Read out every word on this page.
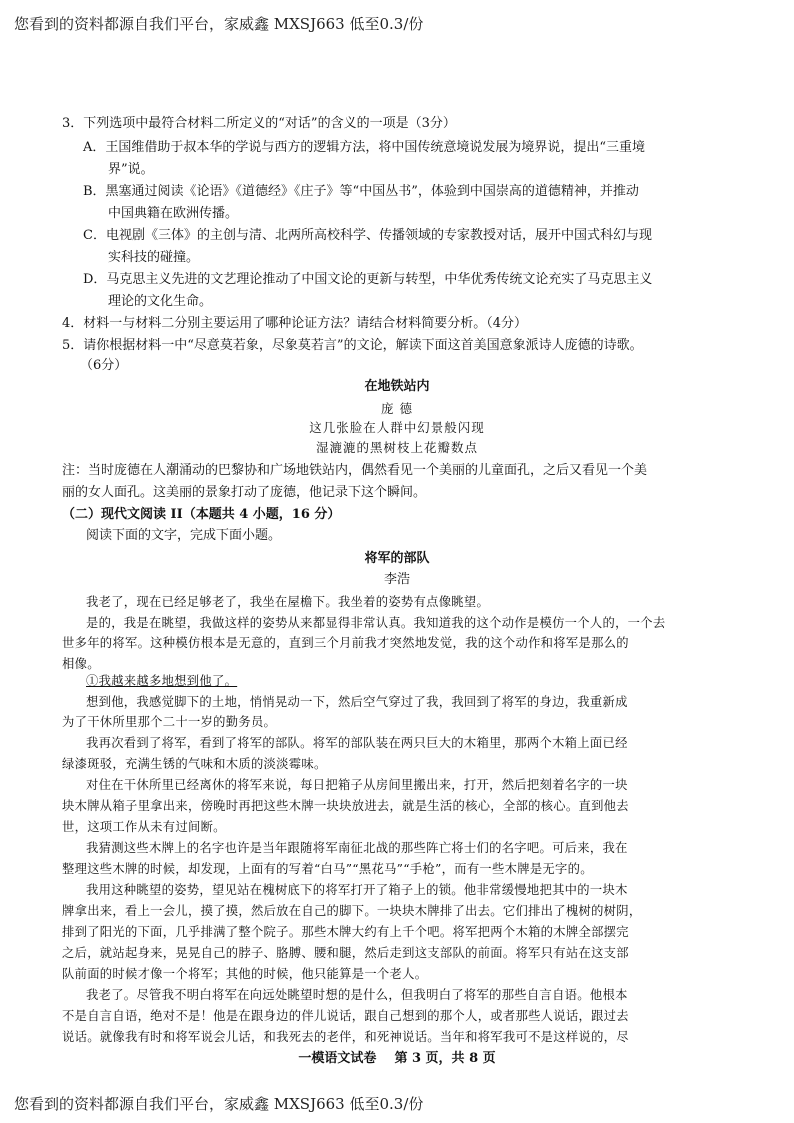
您看到的资料都源自我们平台，家威鑫 MXSJ663 低至0.3/份
3．下列选项中最符合材料二所定义的“对话”的含义的一项是（3分）
A．王国维借助于叔本华的学说与西方的逻辑方法，将中国传统意境说发展为境界说，提出“三重境
界”说。
B．黑塞通过阅读《论语》《道德经》《庄子》等“中国丛书”，体验到中国崇高的道德精神，并推动
中国典籍在欧洲传播。
C．电视剧《三体》的主创与清、北两所高校科学、传播领域的专家教授对话，展开中国式科幻与现
实科技的碰撞。
D．马克思主义先进的文艺理论推动了中国文论的更新与转型，中华优秀传统文论充实了马克思主义
理论的文化生命。
4．材料一与材料二分别主要运用了哪种论证方法？请结合材料简要分析。（4分）
5．请你根据材料一中“尽意莫若象，尽象莫若言”的文论，解读下面这首美国意象派诗人庞德的诗歌。
（6分）
在地铁站内
庞 德
这几张脸在人群中幻景般闪现
湿漉漉的黑树枝上花瓣数点
注：当时庞德在人潮涌动的巴黎协和广场地铁站内，偶然看见一个美丽的儿童面孔，之后又看见一个美
丽的女人面孔。这美丽的景象打动了庞德，他记录下这个瞬间。
（二）现代文阅读 II（本题共 4 小题，16 分）
阅读下面的文字，完成下面小题。
将军的部队
李浩
我老了，现在已经足够老了，我坐在屋檐下。我坐着的姿势有点像眺望。
是的，我是在眺望，我做这样的姿势从来都显得非常认真。我知道我的这个动作是模仿一个人的，一个去
世多年的将军。这种模仿根本是无意的，直到三个月前我才突然地发觉，我的这个动作和将军是那么的
相像。
①我越来越多地想到他了。
想到他，我感觉脚下的土地，悄悄晃动一下，然后空气穿过了我，我回到了将军的身边，我重新成
为了干休所里那个二十一岁的勤务员。
我再次看到了将军，看到了将军的部队。将军的部队装在两只巨大的木箱里，那两个木箱上面已经
绿漆斑驳，充满生锈的气味和木质的淡淡霉味。
对住在干休所里已经离休的将军来说，每日把箱子从房间里搬出来，打开，然后把刻着名字的一块
块木牌从箱子里拿出来，傍晚时再把这些木牌一块块放进去，就是生活的核心，全部的核心。直到他去
世，这项工作从未有过间断。
我猜测这些木牌上的名字也许是当年跟随将军南征北战的那些阵亡将士们的名字吧。可后来，我在
整理这些木牌的时候，却发现，上面有的写着“白马”“黑花马”“手枪”，而有一些木牌是无字的。
我用这种眺望的姿势，望见站在槐树底下的将军打开了箱子上的锁。他非常缓慢地把其中的一块木
牌拿出来，看上一会儿，摸了摸，然后放在自己的脚下。一块块木牌排了出去。它们排出了槐树的树阴，
排到了阳光的下面，几乎排满了整个院子。那些木牌大约有上千个吧。将军把两个木箱的木牌全部摆完
之后，就站起身来，晃晃自己的脖子、胳膊、腰和腿，然后走到这支部队的前面。将军只有站在这支部
队前面的时候才像一个将军；其他的时候，他只能算是一个老人。
我老了。尽管我不明白将军在向远处眺望时想的是什么，但我明白了将军的那些自言自语。他根本
不是自言自语，绝对不是！他是在跟身边的伴儿说话，跟自己想到的那个人，或者那些人说话，跟过去
说话。就像我有时和将军说会儿话，和我死去的老伴，和死神说话。当年和将军我可不是这样说的，尽
一模语文试卷    第 3 页，共 8 页
您看到的资料都源自我们平台，家威鑫 MXSJ663 低至0.3/份
